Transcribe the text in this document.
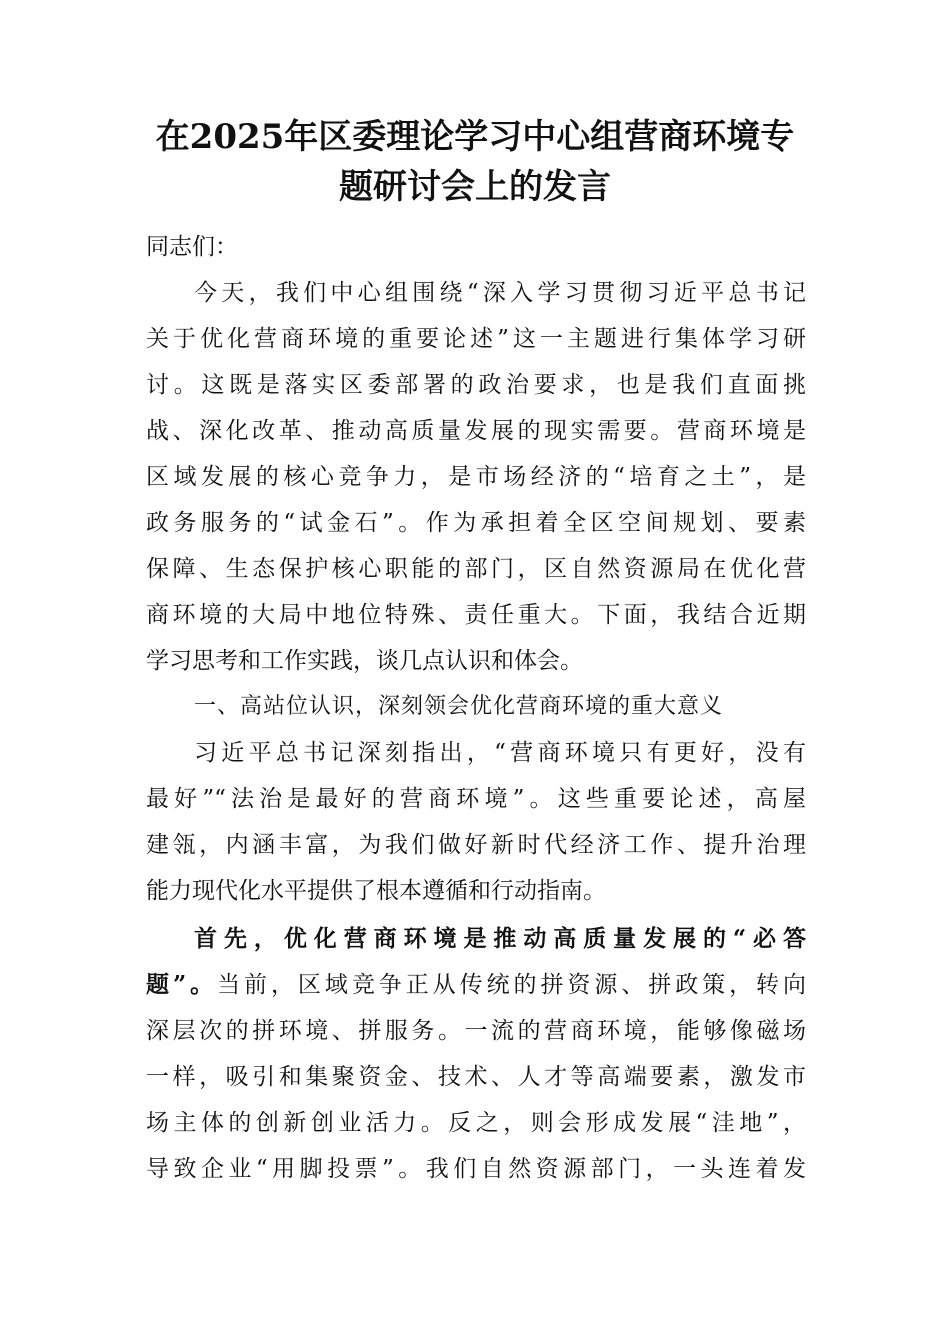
在2025年区委理论学习中心组营商环境专
题研讨会上的发言
同志们：
今天，我们中心组围绕“深入学习贯彻习近平总书记
关于优化营商环境的重要论述”这一主题进行集体学习研
讨。这既是落实区委部署的政治要求，也是我们直面挑
战、深化改革、推动高质量发展的现实需要。营商环境是
区域发展的核心竞争力，是市场经济的“培育之土”，是
政务服务的“试金石”。作为承担着全区空间规划、要素
保障、生态保护核心职能的部门，区自然资源局在优化营
商环境的大局中地位特殊、责任重大。下面，我结合近期
学习思考和工作实践，谈几点认识和体会。
一、高站位认识，深刻领会优化营商环境的重大意义
习近平总书记深刻指出，“营商环境只有更好，没有
最好”“法治是最好的营商环境”。这些重要论述，高屋
建瓴，内涵丰富，为我们做好新时代经济工作、提升治理
能力现代化水平提供了根本遵循和行动指南。
首先，优化营商环境是推动高质量发展的“必答
题”。当前，区域竞争正从传统的拼资源、拼政策，转向
深层次的拼环境、拼服务。一流的营商环境，能够像磁场
一样，吸引和集聚资金、技术、人才等高端要素，激发市
场主体的创新创业活力。反之，则会形成发展“洼地”，
导致企业“用脚投票”。我们自然资源部门，一头连着发
